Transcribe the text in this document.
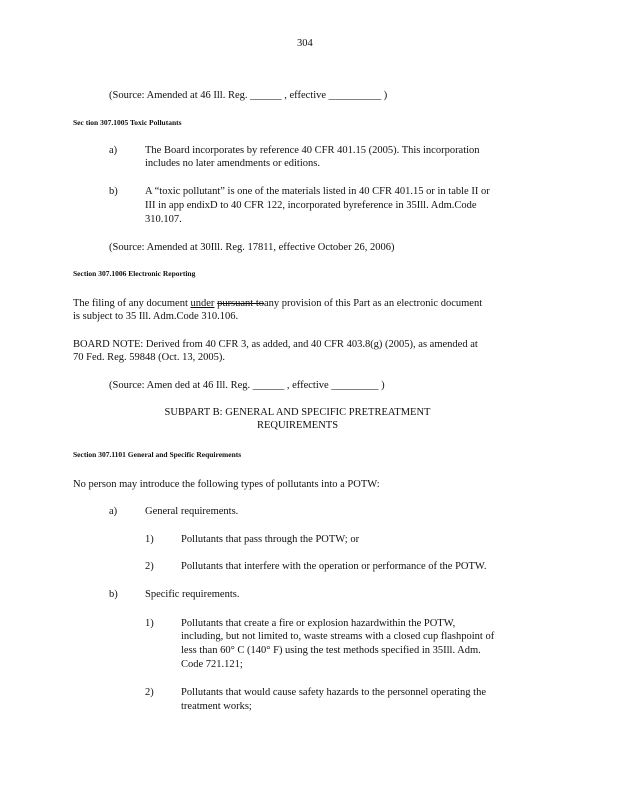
304
(Source: Amended at 46 Ill. Reg. ______ , effective __________ )
Sec tion 307.1005 Toxic Pollutants
a)	The Board incorporates by reference 40 CFR 401.15 (2005). This incorporation
includes no later amendments or editions.
b)	A “toxic pollutant” is one of the materials listed in 40 CFR 401.15 or in table II or
III in app endixD to 40 CFR 122, incorporated byreference in 35Ill. Adm.Code
310.107.
(Source: Amended at 30Ill. Reg. 17811, effective October 26, 2006)
Section 307.1006 Electronic Reporting
The filing of any document under pursuant toany provision of this Part as an electronic document
is subject to 35 Ill. Adm.Code 310.106.
BOARD NOTE: Derived from 40 CFR 3, as added, and 40 CFR 403.8(g) (2005), as amended at
70 Fed. Reg. 59848 (Oct. 13, 2005).
(Source: Amen ded at 46 Ill. Reg. ______ , effective _________ )
SUBPART B: GENERAL AND SPECIFIC PRETREATMENT
REQUIREMENTS
Section 307.1101 General and Specific Requirements
No person may introduce the following types of pollutants into a POTW:
a)	General requirements.
1)	Pollutants that pass through the POTW; or
2)	Pollutants that interfere with the operation or performance of the POTW.
b)	Specific requirements.
1)	Pollutants that create a fire or explosion hazardwithin the POTW,
including, but not limited to, waste streams with a closed cup flashpoint of
less than 60° C (140° F) using the test methods specified in 35Ill. Adm.
Code 721.121;
2)	Pollutants that would cause safety hazards to the personnel operating the
treatment works;
